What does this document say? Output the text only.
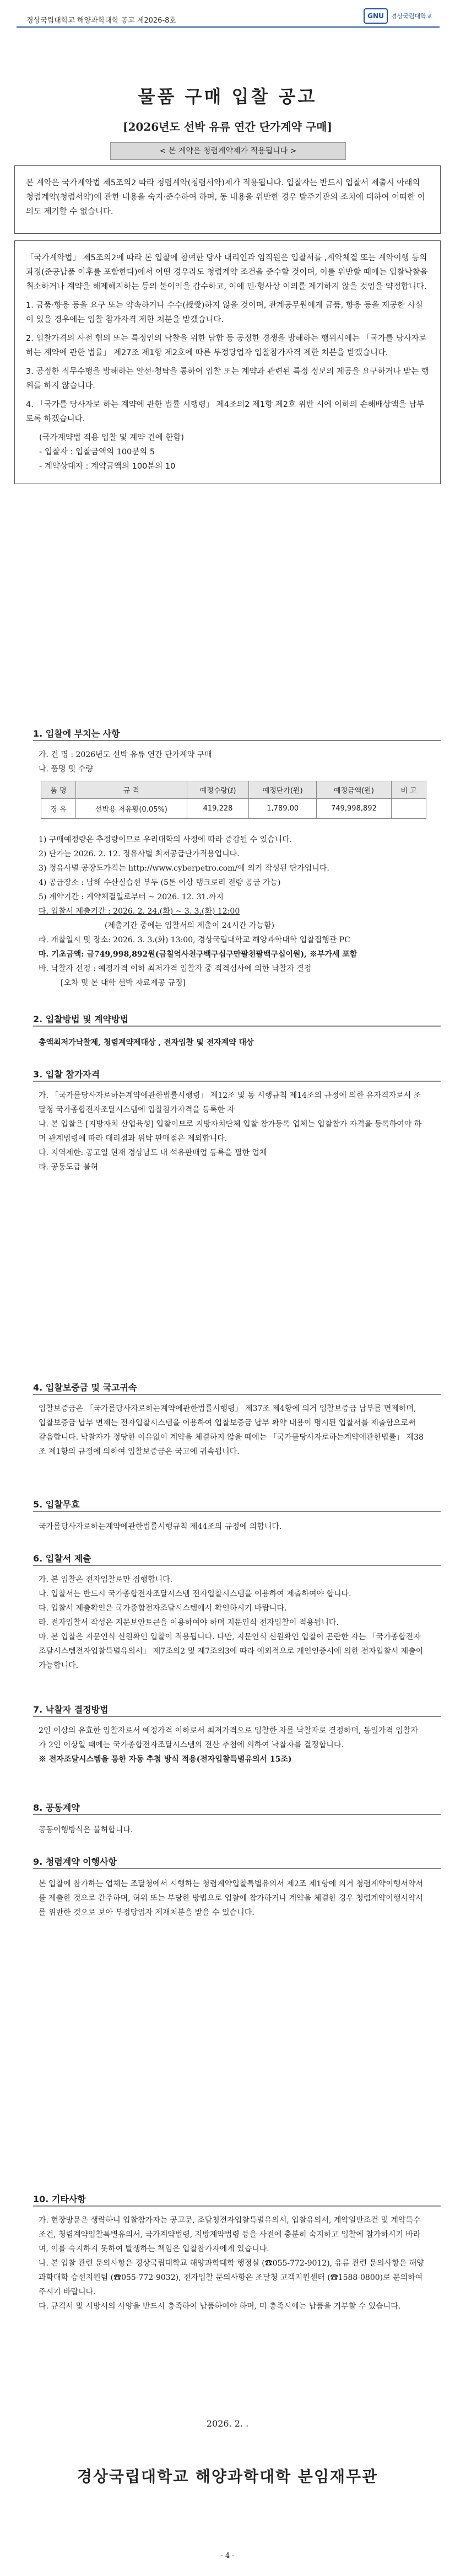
경상국립대학교 해양과학대학 공고 제2026-8호
GNU	경상국립대학교
물품 구매 입찰 공고
[2026년도 선박 유류 연간 단가계약 구매]
< 본 계약은 청렴계약제가 적용됩니다 >

본 계약은 국가계약법 제5조의2 따라 청렴계약(청렴서약)제가 적용됩니다. 입찰자는 반드시 입찰서 제출시 아래의 청렴계약(청렴서약)에 관한 내용을 숙지·준수하여 하며, 동 내용을 위반한 경우 발주기관의 조치에 대하여 어떠한 이의도 제기할 수 없습니다.

「국가계약법」 제5조의2에 따라 본 입찰에 참여한 당사 대리인과 임직원은 입찰서를 ,계약체결 또는 계약이행 등의 과정(준공납품 이후를 포함한다)에서 어떤 경우라도 청렴계약 조건을 준수할 것이며, 이를 위반할 때에는 입찰낙찰을 취소하거나 계약을 해제해지하는 등의 불이익을 감수하고, 이에 민·형사상 이의를 제기하지 않을 것임을 약정합니다.

1. 금품·향응 등을 요구 또는 약속하거나 수수(授受)하지 않을 것이며, 관계공무원에게 금품, 향응 등을 제공한 사실이 있을 경우에는 입찰 참가자격 제한 처분을 받겠습니다.

2. 입찰가격의 사전 협의 또는 특정인의 낙찰을 위한 담합 등 공정한 경쟁을 방해하는 행위시에는 「국가를 당사자로 하는 계약에 관한 법률」 제27조 제1항 제2호에 따른 부정당업자 입찰참가자격 제한 처분을 받겠습니다.

3. 공정한 직무수행을 방해하는 알선·청탁을 통하여 입찰 또는 계약과 관련된 특정 정보의 제공을 요구하거나 받는 행위를 하지 않습니다.

4. 「국가를 당사자로 하는 계약에 관한 법률 시행령」 제4조의2 제1항 제2호 위반 시에 이하의 손해배상액을 납부토록 하겠습니다.

(국가계약법 적용 입찰 및 계약 건에 한함)

- 입찰자 : 입찰금액의 100분의 5

- 계약상대자 : 계약금액의 100분의 10

1. 입찰에 부치는 사항

가. 건 명 : 2026년도 선박 유류 연간 단가계약 구매

나. 품명 및 수량

품 명	규 격	예정수량(ℓ)	예정단가(원)	예정금액(원)	비 고
경 유	선박용 저유황(0.05%)	419,228	1,789.00	749,998,892	

1) 구매예정량은 추정량이므로 우리대학의 사정에 따라 증감될 수 있습니다.

2) 단가는 2026. 2. 12. 정유사별 최저공급단가적용입니다.

3) 정유사별 공장도가격는 http://www.cyberpetro.com/에 의거 작성된 단가입니다.

4) 공급장소 : 남해 수산실습선 부두 (5톤 이상 탱크로리 전량 공급 가능)

5) 계약기간 : 계약체결일로부터 ~ 2026. 12. 31.까지

다. 입찰서 제출기간 : 2026. 2. 24.(화) ~ 3. 3.(화) 12:00

(제출기간 중에는 입찰서의 제출이 24시간 가능함)

라. 개찰일시 및 장소: 2026. 3. 3.(화) 13:00, 경상국립대학교 해양과학대학 입찰집행관 PC

마. 기초금액: 금749,998,892원(금칠억사천구백구십구만팔천팔백구십이원), ※부가세 포함

바. 낙찰자 선정 : 예정가격 이하 최저가격 입찰자 중 적격심사에 의한 낙찰자 결정

[오차 및 본 대학 선박 자료제공 규정]

2. 입찰방법 및 계약방법
총액최저가낙찰제, 청렴계약제대상 , 전자입찰 및 전자계약 대상
3. 입찰 참가자격

가. 「국가를당사자로하는계약에관한법률시행령」 제12조 및 동 시행규칙 제14조의 규정에 의한 유자격자로서 조달청 국가종합전자조달시스템에 입찰참가자격을 등록한 자

나. 본 입찰은 [지방자치 산업육성] 입찰이므로 지방자치단체 입찰 참가등록 업체는 입찰참가 자격을 등록하여야 하며 관계법령에 따라 대리점과 위탁 판매점은 제외합니다.

다. 지역제한: 공고일 현재 경상남도 내 석유판매업 등록을 필한 업체

라. 공동도급 불허

4. 입찰보증금 및 국고귀속
입찰보증금은 「국가를당사자로하는계약에관한법률시행령」 제37조 제4항에 의거 입찰보증금 납부를 면제하며, 입찰보증금 납부 면제는 전자입찰시스템을 이용하여 입찰보증금 납부 확약 내용이 명시된 입찰서를 제출함으로써 갈음합니다. 낙찰자가 정당한 이유없이 계약을 체결하지 않을 때에는 「국가를당사자로하는계약에관한법률」 제38조 제1항의 규정에 의하여 입찰보증금은 국고에 귀속됩니다.
5. 입찰무효
국가를당사자로하는계약에관한법률시행규칙 제44조의 규정에 의합니다.
6. 입찰서 제출

가. 본 입찰은 전자입찰로만 집행합니다.

나. 입찰서는 반드시 국가종합전자조달시스템 전자입찰시스템을 이용하여 제출하여야 합니다.

다. 입찰서 제출확인은 국가종합전자조달시스템에서 확인하시기 바랍니다.

라. 전자입찰서 작성은 지문보안토큰을 이용하여야 하며 지문인식 전자입찰이 적용됩니다.

마. 본 입찰은 지문인식 신원확인 입찰이 적용됩니다. 다만, 지문인식 신원확인 입찰이 곤란한 자는 「국가종합전자조달시스템전자입찰특별유의서」 제7조의2 및 제7조의3에 따라 예외적으로 개인인증서에 의한 전자입찰서 제출이 가능합니다.

7. 낙찰자 결정방법

2인 이상의 유효한 입찰자로서 예정가격 이하로서 최저가격으로 입찰한 자를 낙찰자로 결정하며, 동일가격 입찰자가 2인 이상일 때에는 국가종합전자조달시스템의 전산 추첨에 의하여 낙찰자를 결정합니다.

※ 전자조달시스템을 통한 자동 추첨 방식 적용(전자입찰특별유의서 15조)

8. 공동계약
공동이행방식은 불허합니다.
9. 청렴계약 이행사항
본 입찰에 참가하는 업체는 조달청에서 시행하는 청렴계약입찰특별유의서 제2조 제1항에 의거 청렴계약이행서약서를 제출한 것으로 간주하며, 허위 또는 부당한 방법으로 입찰에 참가하거나 계약을 체결한 경우 청렴계약이행서약서를 위반한 것으로 보아 부정당업자 제재처분을 받을 수 있습니다.
10. 기타사항

가. 현장방문은 생략하니 입찰참가자는 공고문, 조달청전자입찰특별유의서, 입찰유의서, 계약일반조건 및 계약특수조건, 청렴계약입찰특별유의서, 국가계약법령, 지방계약법령 등을 사전에 충분히 숙지하고 입찰에 참가하시기 바라며, 이를 숙지하지 못하여 발생하는 책임은 입찰참가자에게 있습니다.

나. 본 입찰 관련 문의사항은 경상국립대학교 해양과학대학 행정실 (☎055-772-9012), 유류 관련 문의사항은 해양과학대학 승선지원팀 (☎055-772-9032), 전자입찰 문의사항은 조달청 고객지원센터 (☎1588-0800)로 문의하여 주시기 바랍니다.

다. 규격서 및 시방서의 사양을 반드시 충족하여 납품하여야 하며, 미 충족시에는 납품을 거부할 수 있습니다.

2026. 2. .
경상국립대학교 해양과학대학 분임재무관
- 4 -
